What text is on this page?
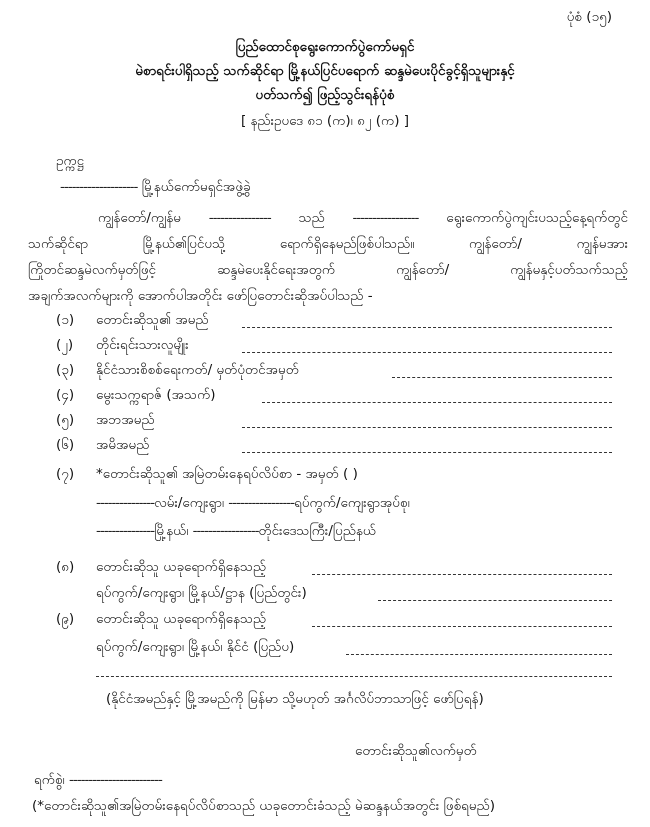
ပုံစံ (၁၅)
ပြည်ထောင်စုရွေးကောက်ပွဲကော်မရှင်
မဲစာရင်းပါရှိသည့် သက်ဆိုင်ရာ မြို့နယ်ပြင်ပရောက် ဆန္ဒမဲပေးပိုင်ခွင့်ရှိသူများနှင့်
ပတ်သက်၍ ဖြည့်သွင်းရန်ပုံစံ
[ နည်းဥပဒေ ၈၁ (က)၊ ၈၂ (က) ]
ဥက္ကဋ္ဌ
-------------------- မြို့နယ်ကော်မရှင်အဖွဲ့ခွဲ
ကျွန်တော်/ကျွန်မ ---------------- သည် ----------------- ရွေးကောက်ပွဲကျင်းပသည့်နေ့ရက်တွင်
သက်ဆိုင်ရာ	မြို့နယ်၏ပြင်ပသို့	ရောက်ရှိနေမည်ဖြစ်ပါသည်။	ကျွန်တော်/	ကျွန်မအား
ကြိုတင်ဆန္ဒမဲလက်မှတ်ဖြင့်	ဆန္ဒမဲပေးနိုင်ရေးအတွက်	ကျွန်တော်/	ကျွန်မနှင့်ပတ်သက်သည့်
အချက်အလက်များကို အောက်ပါအတိုင်း ဖော်ပြတောင်းဆိုအပ်ပါသည် -
(၁) တောင်းဆိုသူ၏ အမည်
(၂) တိုင်းရင်းသားလူမျိုး
(၃) နိုင်ငံသားစိစစ်ရေးကတ်/ မှတ်ပုံတင်အမှတ်
(၄) မွေးသက္ကရာဇ် (အသက်)
(၅) အဘအမည်
(၆) အမိအမည်
(၇) *တောင်းဆိုသူ၏ အမြဲတမ်းနေရပ်လိပ်စာ - အမှတ် ( )
---------------လမ်း/ကျေးရွာ၊ -----------------ရပ်ကွက်/ကျေးရွာအုပ်စု၊
---------------မြို့နယ်၊ -----------------တိုင်းဒေသကြီး/ပြည်နယ်
(၈) တောင်းဆိုသူ ယခုရောက်ရှိနေသည့်
ရပ်ကွက်/ကျေးရွာ၊ မြို့နယ်/ဋ္ဌာန (ပြည်တွင်း)
(၉) တောင်းဆိုသူ ယခုရောက်ရှိနေသည့်
ရပ်ကွက်/ကျေးရွာ၊ မြို့နယ်၊ နိုင်ငံ (ပြည်ပ)
(နိုင်ငံအမည်နှင့် မြို့အမည်ကို မြန်မာ သို့မဟုတ် အင်္ဂလိပ်ဘာသာဖြင့် ဖော်ပြရန်)
တောင်းဆိုသူ၏လက်မှတ်
ရက်စွဲ၊ ------------------------
(*တောင်းဆိုသူ၏အမြဲတမ်းနေရပ်လိပ်စာသည် ယခုတောင်းခံသည့် မဲဆန္ဒနယ်အတွင်း ဖြစ်ရမည်)
